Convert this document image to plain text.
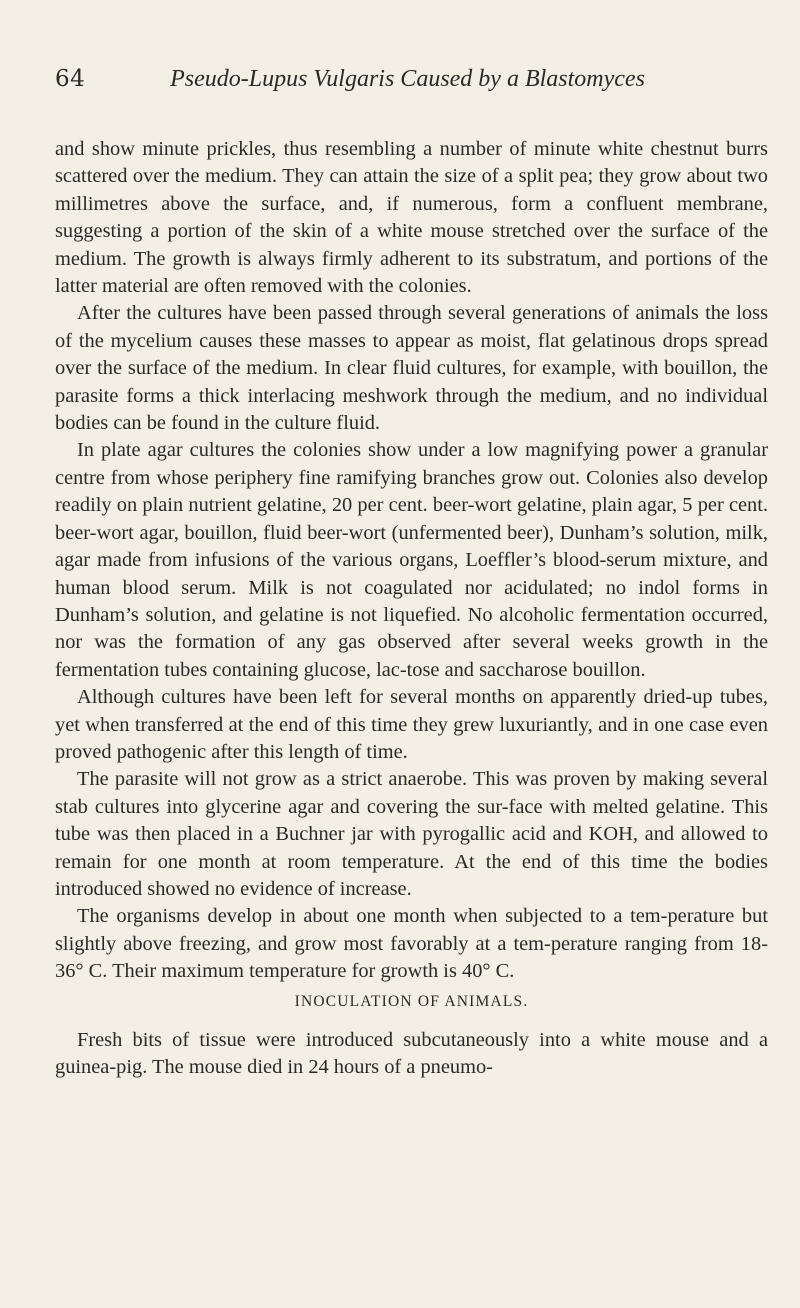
64	Pseudo-Lupus Vulgaris Caused by a Blastomyces

and show minute prickles, thus resembling a number of minute white chestnut burrs scattered over the medium. They can attain the size of a split pea; they grow about two millimetres above the surface, and, if numerous, form a confluent membrane, suggesting a portion of the skin of a white mouse stretched over the surface of the medium. The growth is always firmly adherent to its substratum, and portions of the latter material are often removed with the colonies.

After the cultures have been passed through several generations of animals the loss of the mycelium causes these masses to appear as moist, flat gelatinous drops spread over the surface of the medium. In clear fluid cultures, for example, with bouillon, the parasite forms a thick interlacing meshwork through the medium, and no individual bodies can be found in the culture fluid.

In plate agar cultures the colonies show under a low magnifying power a granular centre from whose periphery fine ramifying branches grow out. Colonies also develop readily on plain nutrient gelatine, 20 per cent. beer-wort gelatine, plain agar, 5 per cent. beer-wort agar, bouillon, fluid beer-wort (unfermented beer), Dunham’s solution, milk, agar made from infusions of the various organs, Loeffler’s blood-serum mixture, and human blood serum. Milk is not coagulated nor acidulated; no indol forms in Dunham’s solution, and gelatine is not liquefied. No alcoholic fermentation occurred, nor was the formation of any gas observed after several weeks growth in the fermentation tubes containing glucose, lac-tose and saccharose bouillon.

Although cultures have been left for several months on apparently dried-up tubes, yet when transferred at the end of this time they grew luxuriantly, and in one case even proved pathogenic after this length of time.

The parasite will not grow as a strict anaerobe. This was proven by making several stab cultures into glycerine agar and covering the sur-face with melted gelatine. This tube was then placed in a Buchner jar with pyrogallic acid and KOH, and allowed to remain for one month at room temperature. At the end of this time the bodies introduced showed no evidence of increase.

The organisms develop in about one month when subjected to a tem-perature but slightly above freezing, and grow most favorably at a tem-perature ranging from 18-36° C. Their maximum temperature for growth is 40° C.

INOCULATION OF ANIMALS.

Fresh bits of tissue were introduced subcutaneously into a white mouse and a guinea-pig. The mouse died in 24 hours of a pneumo-
